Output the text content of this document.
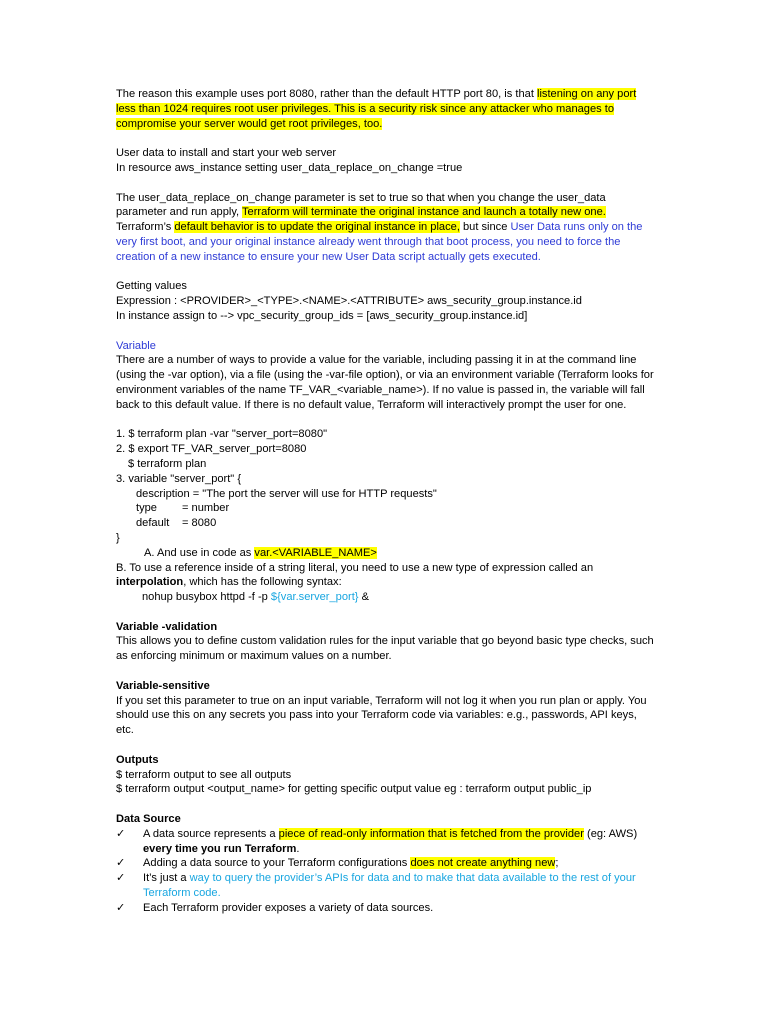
The reason this example uses port 8080, rather than the default HTTP port 80, is that listening on any port less than 1024 requires root user privileges. This is a security risk since any attacker who manages to compromise your server would get root privileges, too.

User data to install and start your web server

In resource aws_instance setting user_data_replace_on_change =true

The user_data_replace_on_change parameter is set to true so that when you change the user_data parameter and run apply, Terraform will terminate the original instance and launch a totally new one. Terraform’s default behavior is to update the original instance in place, but since User Data runs only on the very first boot, and your original instance already went through that boot process, you need to force the creation of a new instance to ensure your new User Data script actually gets executed.

Getting values

Expression : <PROVIDER>_<TYPE>.<NAME>.<ATTRIBUTE> aws_security_group.instance.id

In instance assign to --> vpc_security_group_ids = [aws_security_group.instance.id]

Variable

There are a number of ways to provide a value for the variable, including passing it in at the command line (using the -var option), via a file (using the -var-file option), or via an environment variable (Terraform looks for environment variables of the name TF_VAR_<variable_name>). If no value is passed in, the variable will fall back to this default value. If there is no default value, Terraform will interactively prompt the user for one.

1. $ terraform plan -var "server_port=8080"

2. $ export TF_VAR_server_port=8080

$ terraform plan

3. variable "server_port" {

description = "The port the server will use for HTTP requests"

type = number

default = 8080

}

A. And use in code as var.<VARIABLE_NAME>

B. To use a reference inside of a string literal, you need to use a new type of expression called an interpolation, which has the following syntax:

nohup busybox httpd -f -p ${var.server_port} &

Variable -validation

This allows you to define custom validation rules for the input variable that go beyond basic type checks, such as enforcing minimum or maximum values on a number.

Variable-sensitive

If you set this parameter to true on an input variable, Terraform will not log it when you run plan or apply. You should use this on any secrets you pass into your Terraform code via variables: e.g., passwords, API keys, etc.

Outputs

$ terraform output to see all outputs

$ terraform output <output_name> for getting specific output value eg : terraform output public_ip

Data Source

✓ A data source represents a piece of read-only information that is fetched from the provider (eg: AWS) every time you run Terraform.

✓ Adding a data source to your Terraform configurations does not create anything new;

✓ It’s just a way to query the provider’s APIs for data and to make that data available to the rest of your Terraform code.

✓ Each Terraform provider exposes a variety of data sources.
